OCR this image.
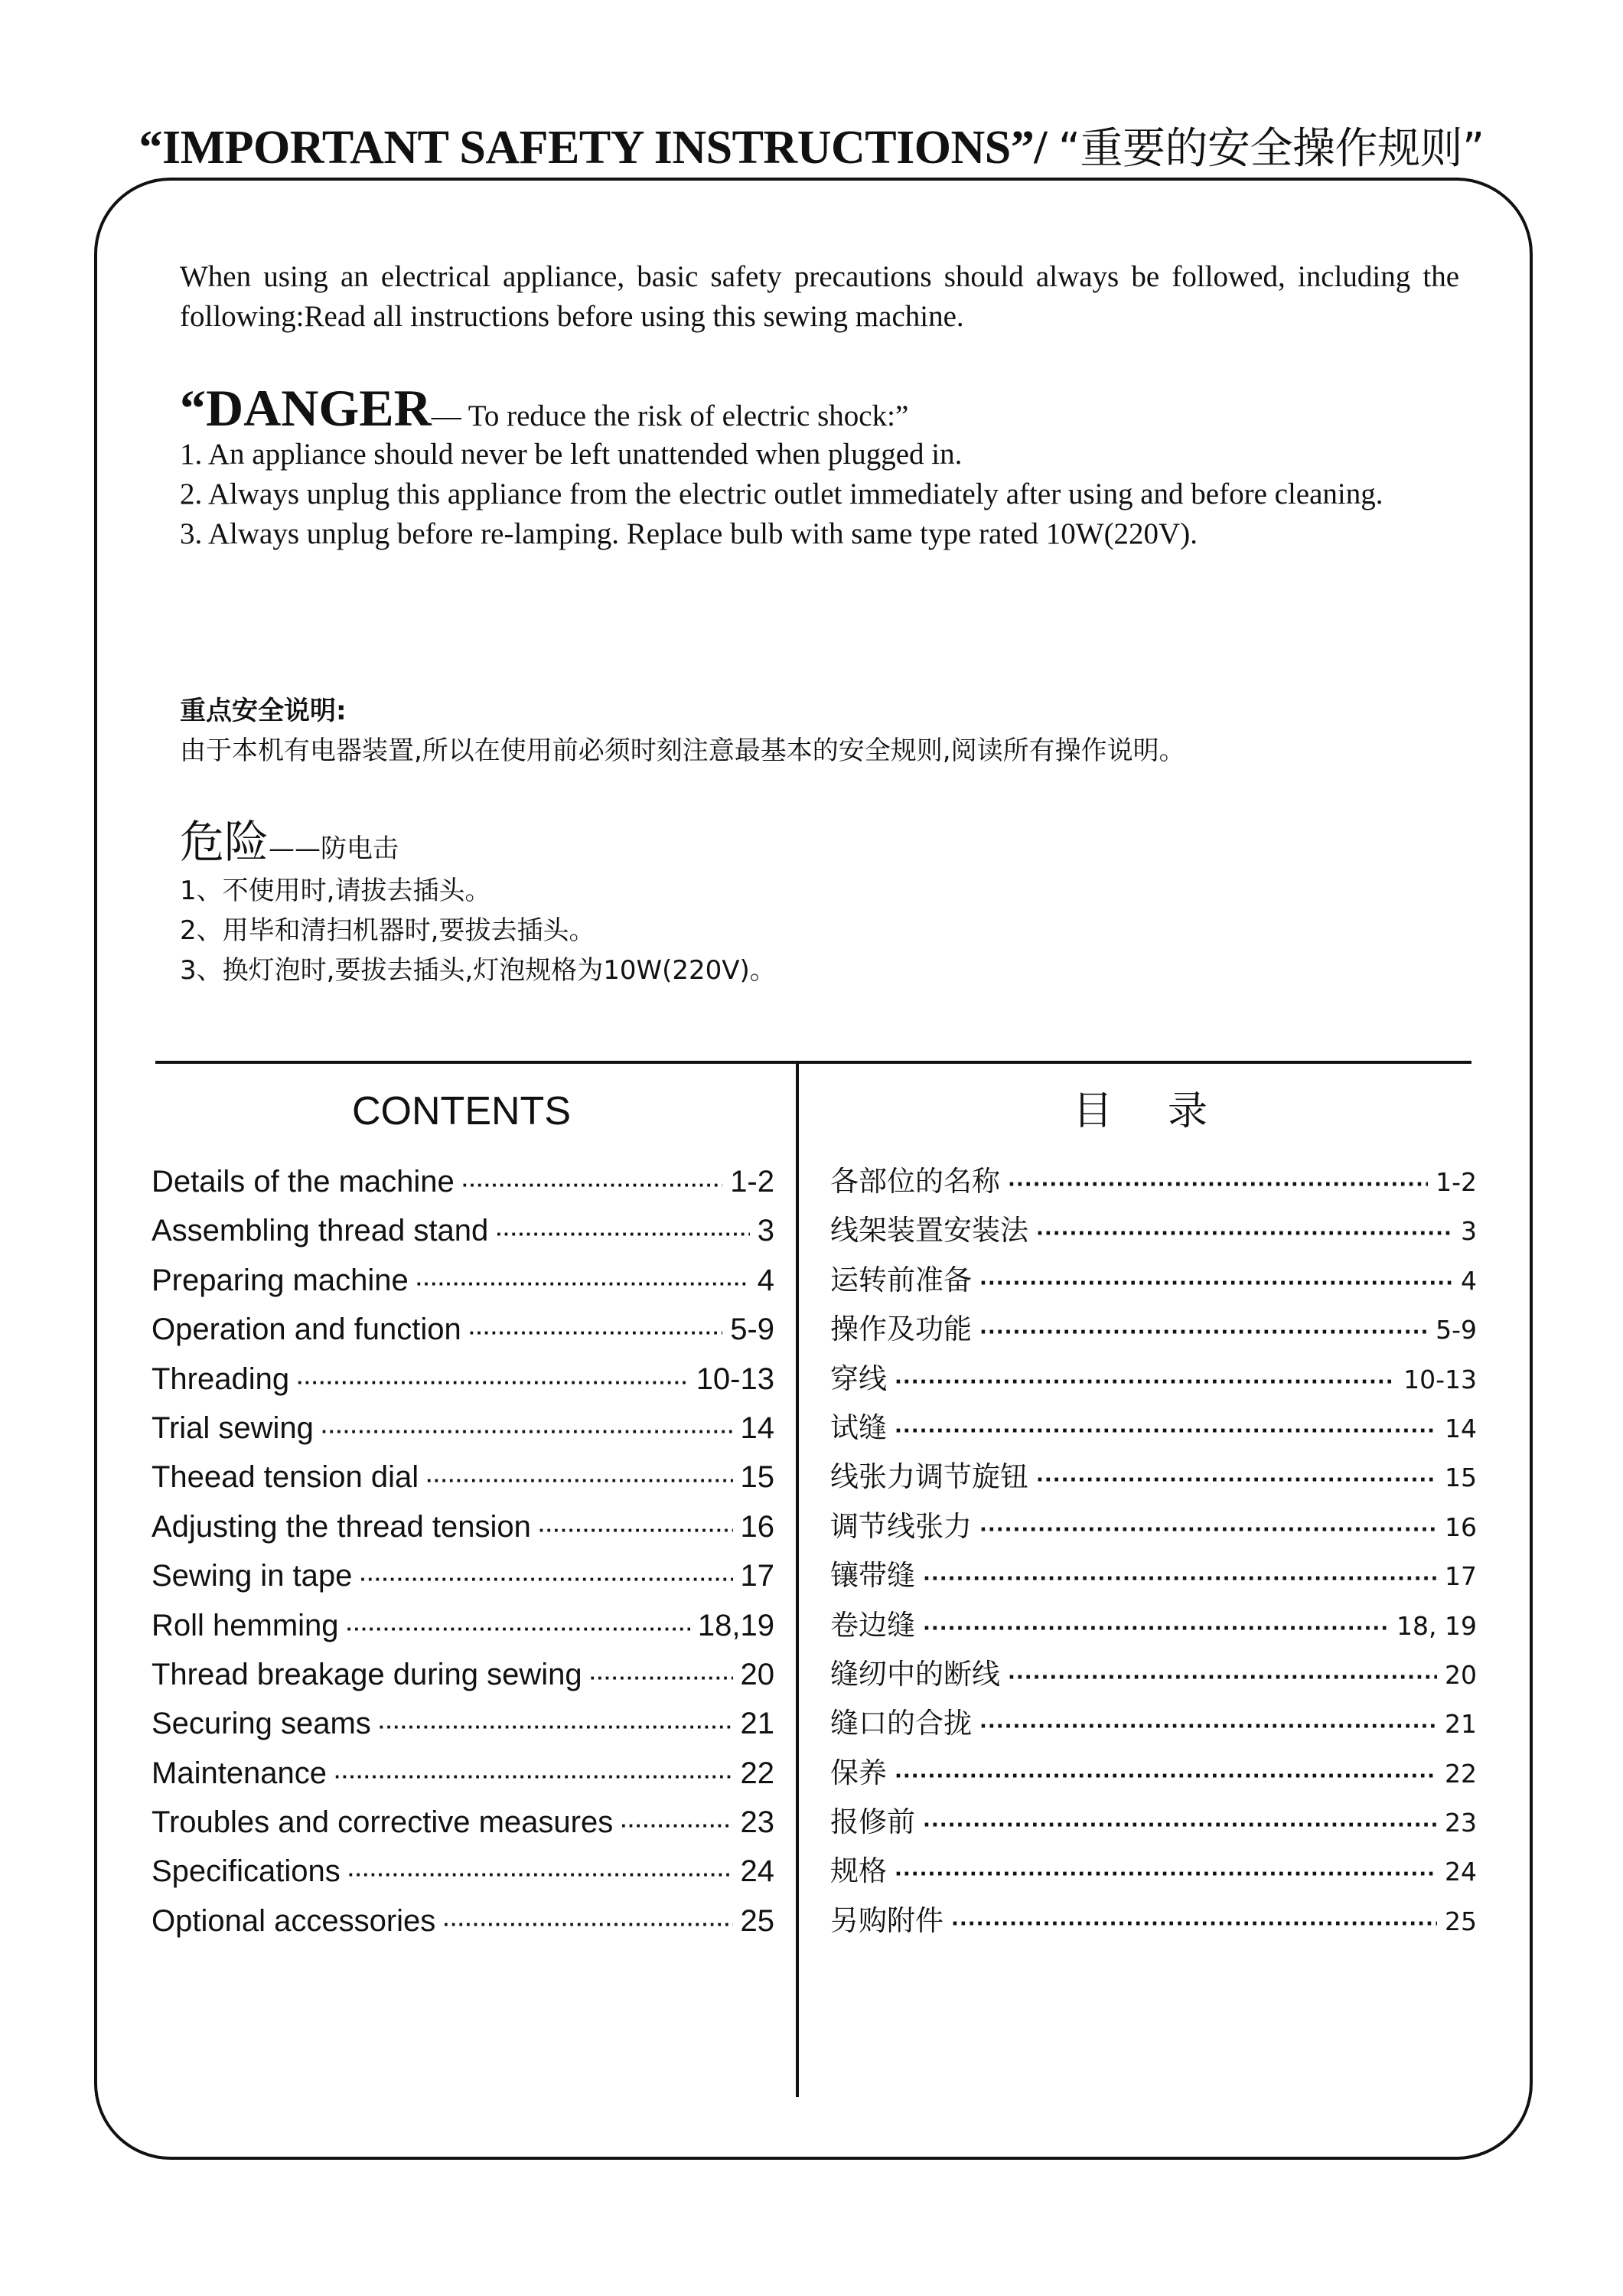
“IMPORTANT SAFETY INSTRUCTIONS”/ “重要的安全操作规则”
When using an electrical appliance, basic safety precautions should always be followed, including the following:Read all instructions before using this sewing machine.
“DANGER— To reduce the risk of electric shock:”
1. An appliance should never be left unattended when plugged in.
2. Always unplug this appliance from the electric outlet immediately after using and before cleaning.
3. Always unplug before re-lamping. Replace bulb with same type rated 10W(220V).
重点安全说明:
由于本机有电器装置,所以在使用前必须时刻注意最基本的安全规则,阅读所有操作说明。
危险——防电击
1、不使用时,请拔去插头。
2、用毕和清扫机器时,要拔去插头。
3、换灯泡时,要拔去插头,灯泡规格为10W(220V)。
CONTENTS	目录
Details of the machine ·····	1-2
Assembling thread stand ·····	3
Preparing machine ·····	4
Operation and function ·····	5-9
Threading ·····	10-13
Trial sewing ·····	14
Theead tension dial ·····	15
Adjusting the thread tension ·····	16
Sewing in tape ·····	17
Roll hemming ·····	18,19
Thread breakage during sewing ·····	20
Securing seams ·····	21
Maintenance ·····	22
Troubles and corrective measures ·····	23
Specifications ·····	24
Optional accessories ·····	25
各部位的名称 ·····	1-2
线架装置安装法 ·····	3
运转前准备 ·····	4
操作及功能 ·····	5-9
穿线 ·····	10-13
试缝 ·····	14
线张力调节旋钮 ·····	15
调节线张力 ·····	16
镶带缝 ·····	17
卷边缝 ·····	18, 19
缝纫中的断线 ·····	20
缝口的合拢 ·····	21
保养 ·····	22
报修前 ·····	23
规格 ·····	24
另购附件 ·····	25
